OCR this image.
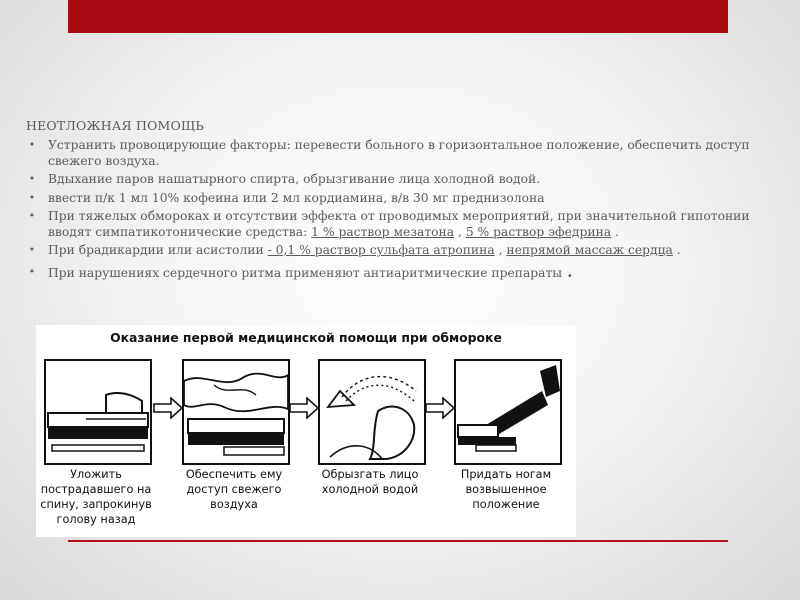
НЕОТЛОЖНАЯ ПОМОЩЬ
• Устранить провоцирующие факторы: перевести больного в горизонтальное положение, обеспечить доступ свежего воздуха.
• Вдыхание паров нашатырного спирта, обрызгивание лица холодной водой.
• ввести п/к 1 мл 10% кофеина или 2 мл кордиамина, в/в 30 мг преднизолона
• При тяжелых обмороках и отсутствии эффекта от проводимых мероприятий, при значительной гипотонии вводят симпатикотонические средства: 1 % раствор мезатона , 5 % раствор эфедрина .
• При брадикардии или асистолии - 0,1 % раствор сульфата атропина , непрямой массаж сердца .
• При нарушениях сердечного ритма применяют антиаритмические препараты .
Оказание первой медицинской помощи при обмороке
Уложить пострадавшего на спину, запрокинув голову назад
Обеспечить ему доступ свежего воздуха
Обрызгать лицо холодной водой
Придать ногам возвышенное положение
